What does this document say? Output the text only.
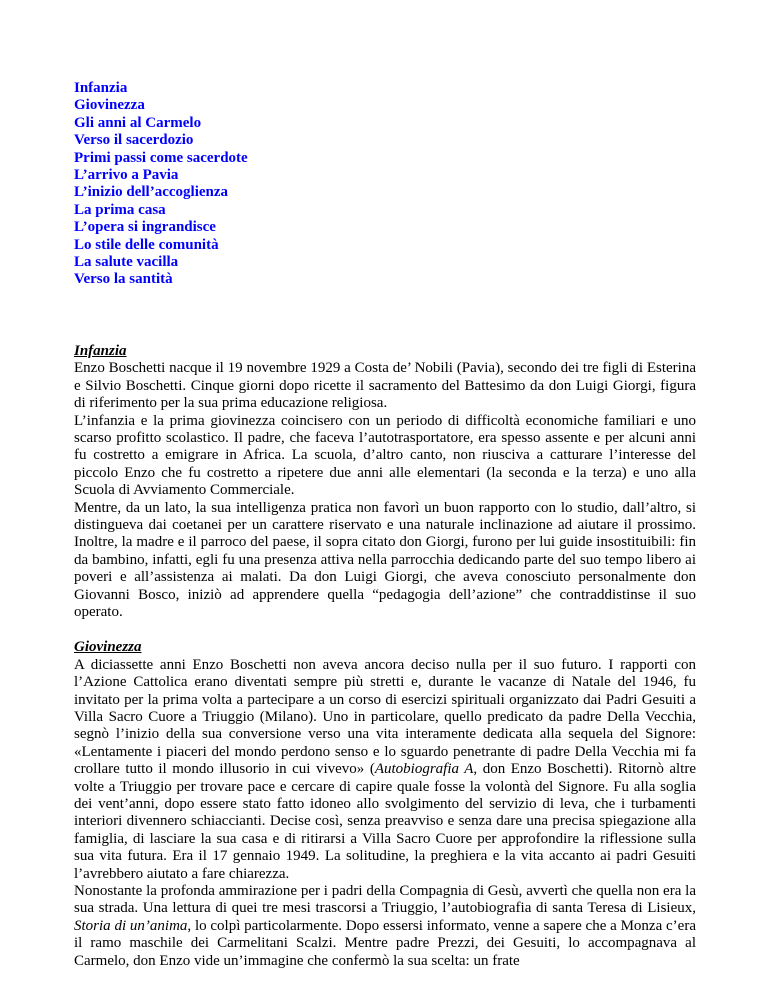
Infanzia
Giovinezza
Gli anni al Carmelo
Verso il sacerdozio
Primi passi come sacerdote
L’arrivo a Pavia
L’inizio dell’accoglienza
La prima casa
L’opera si ingrandisce
Lo stile delle comunità
La salute vacilla
Verso la santità
Infanzia

Enzo Boschetti nacque il 19 novembre 1929 a Costa de’ Nobili (Pavia), secondo dei tre figli di Esterina e Silvio Boschetti. Cinque giorni dopo ricette il sacramento del Battesimo da don Luigi Giorgi, figura di riferimento per la sua prima educazione religiosa.

L’infanzia e la prima giovinezza coincisero con un periodo di difficoltà economiche familiari e uno scarso profitto scolastico. Il padre, che faceva l’autotrasportatore, era spesso assente e per alcuni anni fu costretto a emigrare in Africa. La scuola, d’altro canto, non riusciva a catturare l’interesse del piccolo Enzo che fu costretto a ripetere due anni alle elementari (la seconda e la terza) e uno alla Scuola di Avviamento Commerciale.

Mentre, da un lato, la sua intelligenza pratica non favorì un buon rapporto con lo studio, dall’altro, si distingueva dai coetanei per un carattere riservato e una naturale inclinazione ad aiutare il prossimo. Inoltre, la madre e il parroco del paese, il sopra citato don Giorgi, furono per lui guide insostituibili: fin da bambino, infatti, egli fu una presenza attiva nella parrocchia dedicando parte del suo tempo libero ai poveri e all’assistenza ai malati. Da don Luigi Giorgi, che aveva conosciuto personalmente don Giovanni Bosco, iniziò ad apprendere quella “pedagogia dell’azione” che contraddistinse il suo operato.

Giovinezza

A diciassette anni Enzo Boschetti non aveva ancora deciso nulla per il suo futuro. I rapporti con l’Azione Cattolica erano diventati sempre più stretti e, durante le vacanze di Natale del 1946, fu invitato per la prima volta a partecipare a un corso di esercizi spirituali organizzato dai Padri Gesuiti a Villa Sacro Cuore a Triuggio (Milano). Uno in particolare, quello predicato da padre Della Vecchia, segnò l’inizio della sua conversione verso una vita interamente dedicata alla sequela del Signore: «Lentamente i piaceri del mondo perdono senso e lo sguardo penetrante di padre Della Vecchia mi fa crollare tutto il mondo illusorio in cui vivevo» (Autobiografia A, don Enzo Boschetti). Ritornò altre volte a Triuggio per trovare pace e cercare di capire quale fosse la volontà del Signore. Fu alla soglia dei vent’anni, dopo essere stato fatto idoneo allo svolgimento del servizio di leva, che i turbamenti interiori divennero schiaccianti. Decise così, senza preavviso e senza dare una precisa spiegazione alla famiglia, di lasciare la sua casa e di ritirarsi a Villa Sacro Cuore per approfondire la riflessione sulla sua vita futura. Era il 17 gennaio 1949. La solitudine, la preghiera e la vita accanto ai padri Gesuiti l’avrebbero aiutato a fare chiarezza.

Nonostante la profonda ammirazione per i padri della Compagnia di Gesù, avvertì che quella non era la sua strada. Una lettura di quei tre mesi trascorsi a Triuggio, l’autobiografia di santa Teresa di Lisieux, Storia di un’anima, lo colpì particolarmente. Dopo essersi informato, venne a sapere che a Monza c’era il ramo maschile dei Carmelitani Scalzi. Mentre padre Prezzi, dei Gesuiti, lo accompagnava al Carmelo, don Enzo vide un’immagine che confermò la sua scelta: un frate
